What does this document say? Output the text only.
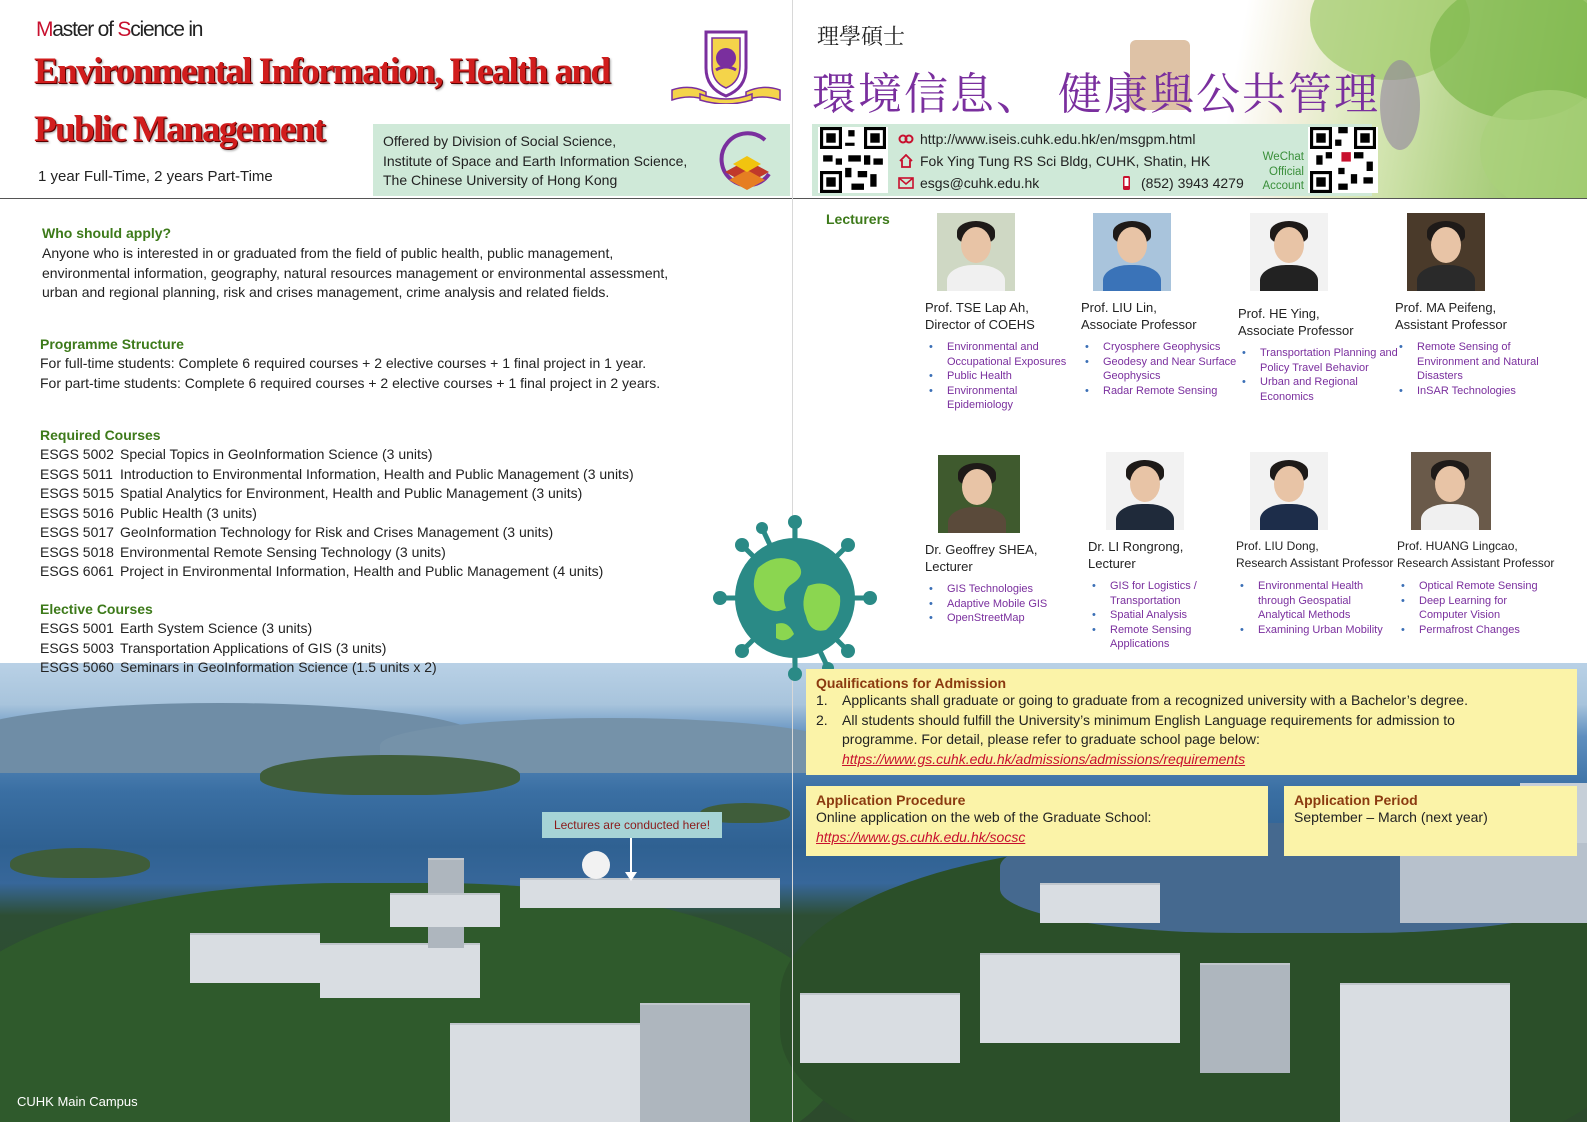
Master of Science in
Environmental Information, Health and
Public Management
1 year Full-Time, 2 years Part-Time
Offered by Division of Social Science,
Institute of Space and Earth Information Science,
The Chinese University of Hong Kong
理學碩士
環境信息、 健康與公共管理
http://www.iseis.cuhk.edu.hk/en/msgpm.html
Fok Ying Tung RS Sci Bldg, CUHK, Shatin, HK
esgs@cuhk.edu.hk	(852) 3943 4279
WeChat
Official
Account
Lectures are conducted here!
CUHK Main Campus
Who should apply?
Anyone who is interested in or graduated from the field of public health, public management,
environmental information, geography, natural resources management or environmental assessment,
urban and regional planning, risk and crises management, crime analysis and related fields.
Programme Structure
For full-time students: Complete 6 required courses + 2 elective courses + 1 final project in 1 year.
For part-time students: Complete 6 required courses + 2 elective courses + 1 final project in 2 years.
Required Courses
ESGS 5002 Special Topics in GeoInformation Science (3 units)
ESGS 5011 Introduction to Environmental Information, Health and Public Management (3 units)
ESGS 5015 Spatial Analytics for Environment, Health and Public Management (3 units)
ESGS 5016 Public Health (3 units)
ESGS 5017 GeoInformation Technology for Risk and Crises Management (3 units)
ESGS 5018 Environmental Remote Sensing Technology (3 units)
ESGS 6061 Project in Environmental Information, Health and Public Management (4 units)
Elective Courses
ESGS 5001 Earth System Science (3 units)
ESGS 5003 Transportation Applications of GIS (3 units)
ESGS 5060 Seminars in GeoInformation Science (1.5 units x 2)
Lecturers
Prof. TSE Lap Ah,
Director of COEHS
• Environmental and Occupational Exposures
• Public Health
• Environmental Epidemiology
Prof. LIU Lin,
Associate Professor
• Cryosphere Geophysics
• Geodesy and Near Surface Geophysics
• Radar Remote Sensing
Prof. HE Ying,
Associate Professor
• Transportation Planning and Policy Travel Behavior
• Urban and Regional Economics
Prof. MA Peifeng,
Assistant Professor
• Remote Sensing of Environment and Natural Disasters
• InSAR Technologies
Dr. Geoffrey SHEA,
Lecturer
• GIS Technologies
• Adaptive Mobile GIS
• OpenStreetMap
Dr. LI Rongrong,
Lecturer
• GIS for Logistics / Transportation
• Spatial Analysis
• Remote Sensing Applications
Prof. LIU Dong,
Research Assistant Professor
• Environmental Health through Geospatial Analytical Methods
• Examining Urban Mobility
Prof. HUANG Lingcao,
Research Assistant Professor
• Optical Remote Sensing
• Deep Learning for Computer Vision
• Permafrost Changes
Qualifications for Admission
1.	Applicants shall graduate or going to graduate from a recognized university with a Bachelor’s degree.
2.	All students should fulfill the University’s minimum English Language requirements for admission to
programme. For detail, please refer to graduate school page below:
https://www.gs.cuhk.edu.hk/admissions/admissions/requirements
Application Procedure
Online application on the web of the Graduate School:
https://www.gs.cuhk.edu.hk/socsc
Application Period
September – March (next year)
